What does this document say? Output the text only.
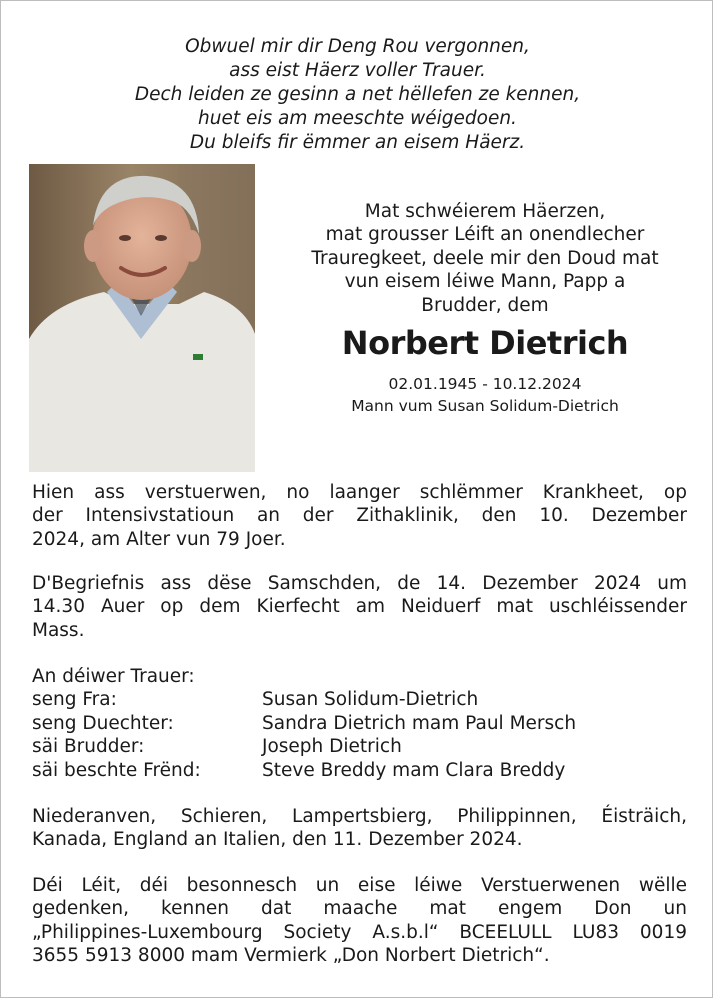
Obwuel mir dir Deng Rou vergonnen,
ass eist Häerz voller Trauer.
Dech leiden ze gesinn a net hëllefen ze kennen,
huet eis am meeschte wéigedoen.
Du bleifs fir ëmmer an eisem Häerz.
Mat schwéierem Häerzen,
mat grousser Léift an onendlecher
Trauregkeet, deele mir den Doud mat
vun eisem léiwe Mann, Papp a
Brudder, dem
Norbert Dietrich
02.01.1945 - 10.12.2024
Mann vum Susan Solidum-Dietrich
Hien ass verstuerwen, no laanger schlëmmer Krankheet, op
der Intensivstatioun an der Zithaklinik, den 10. Dezember
2024, am Alter vun 79 Joer.
D'Begriefnis ass dëse Samschden, de 14. Dezember 2024 um
14.30 Auer op dem Kierfecht am Neiduerf mat uschléissender
Mass.
An déiwer Trauer:
seng Fra:	Susan Solidum-Dietrich
seng Duechter:	Sandra Dietrich mam Paul Mersch
säi Brudder:	Joseph Dietrich
säi beschte Frënd:	Steve Breddy mam Clara Breddy
Niederanven, Schieren, Lampertsbierg, Philippinnen, Éisträich,
Kanada, England an Italien, den 11. Dezember 2024.
Déi Léit, déi besonnesch un eise léiwe Verstuerwenen wëlle
gedenken, kennen dat maache mat engem Don un
„Philippines-Luxembourg Society A.s.b.l“ BCEELULL LU83 0019
3655 5913 8000 mam Vermierk „Don Norbert Dietrich“.
